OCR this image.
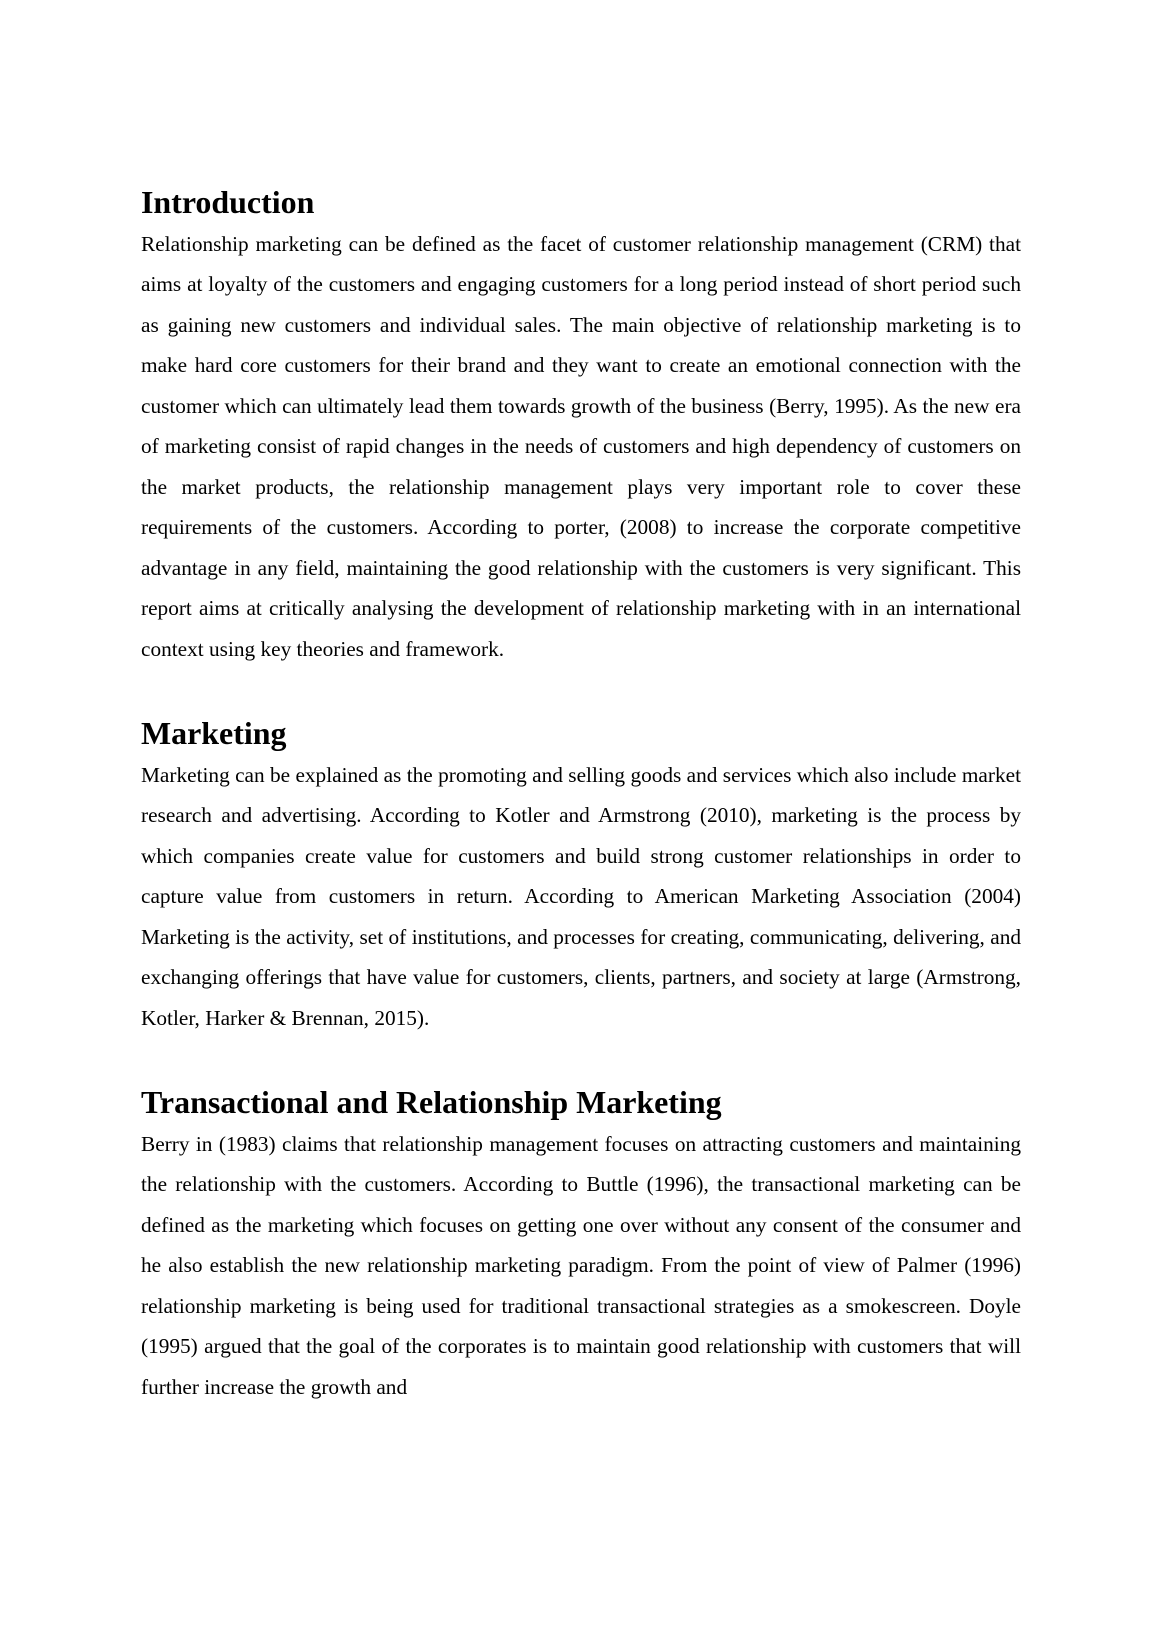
Introduction

Relationship marketing can be defined as the facet of customer relationship management (CRM) that aims at loyalty of the customers and engaging customers for a long period instead of short period such as gaining new customers and individual sales. The main objective of relationship marketing is to make hard core customers for their brand and they want to create an emotional connection with the customer which can ultimately lead them towards growth of the business (Berry, 1995). As the new era of marketing consist of rapid changes in the needs of customers and high dependency of customers on the market products, the relationship management plays very important role to cover these requirements of the customers. According to porter, (2008) to increase the corporate competitive advantage in any field, maintaining the good relationship with the customers is very significant. This report aims at critically analysing the development of relationship marketing with in an international context using key theories and framework.

Marketing

Marketing can be explained as the promoting and selling goods and services which also include market research and advertising. According to Kotler and Armstrong (2010), marketing is the process by which companies create value for customers and build strong customer relationships in order to capture value from customers in return. According to American Marketing Association (2004) Marketing is the activity, set of institutions, and processes for creating, communicating, delivering, and exchanging offerings that have value for customers, clients, partners, and society at large (Armstrong, Kotler, Harker & Brennan, 2015).

Transactional and Relationship Marketing

Berry in (1983) claims that relationship management focuses on attracting customers and maintaining the relationship with the customers. According to Buttle (1996), the transactional marketing can be defined as the marketing which focuses on getting one over without any consent of the consumer and he also establish the new relationship marketing paradigm. From the point of view of Palmer (1996) relationship marketing is being used for traditional transactional strategies as a smokescreen. Doyle (1995) argued that the goal of the corporates is to maintain good relationship with customers that will further increase the growth and
